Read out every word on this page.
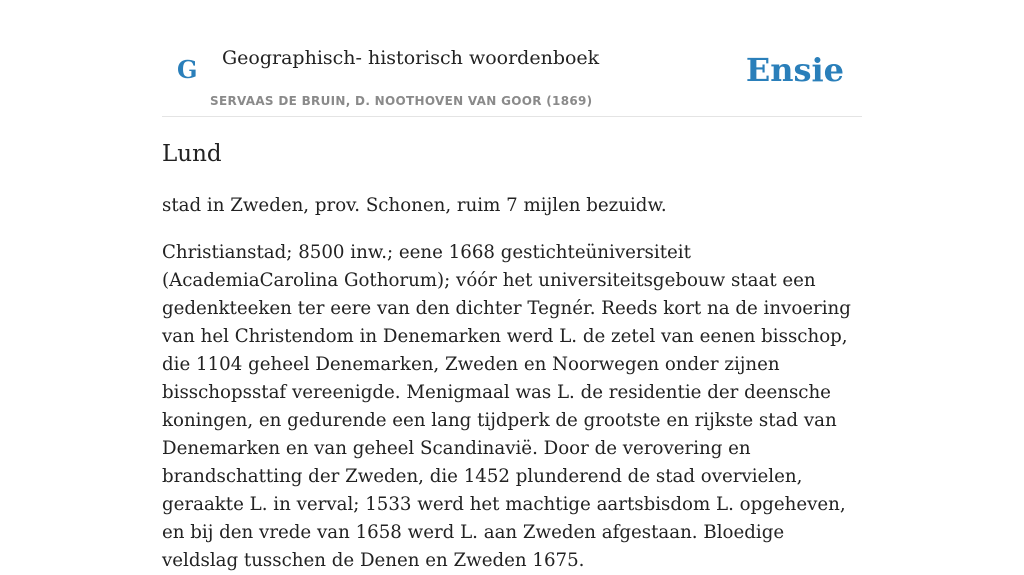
G Geographisch- historisch woordenboek
SERVAAS DE BRUIN, D. NOOTHOVEN VAN GOOR (1869)
Ensie
Lund

stad in Zweden, prov. Schonen, ruim 7 mijlen bezuidw.

Christianstad; 8500 inw.; eene 1668 gestichteüniversiteit (AcademiaCarolina Gothorum); vóór het universiteitsgebouw staat een gedenkteeken ter eere van den dichter Tegnér. Reeds kort na de invoering van hel Christendom in Denemarken werd L. de zetel van eenen bisschop, die 1104 geheel Denemarken, Zweden en Noorwegen onder zijnen bisschopsstaf vereenigde. Menigmaal was L. de residentie der deensche koningen, en gedurende een lang tijdperk de grootste en rijkste stad van Denemarken en van geheel Scandinavië. Door de verovering en brandschatting der Zweden, die 1452 plunderend de stad overvielen, geraakte L. in verval; 1533 werd het machtige aartsbisdom L. opgeheven, en bij den vrede van 1658 werd L. aan Zweden afgestaan. Bloedige veldslag tusschen de Denen en Zweden 1675.
